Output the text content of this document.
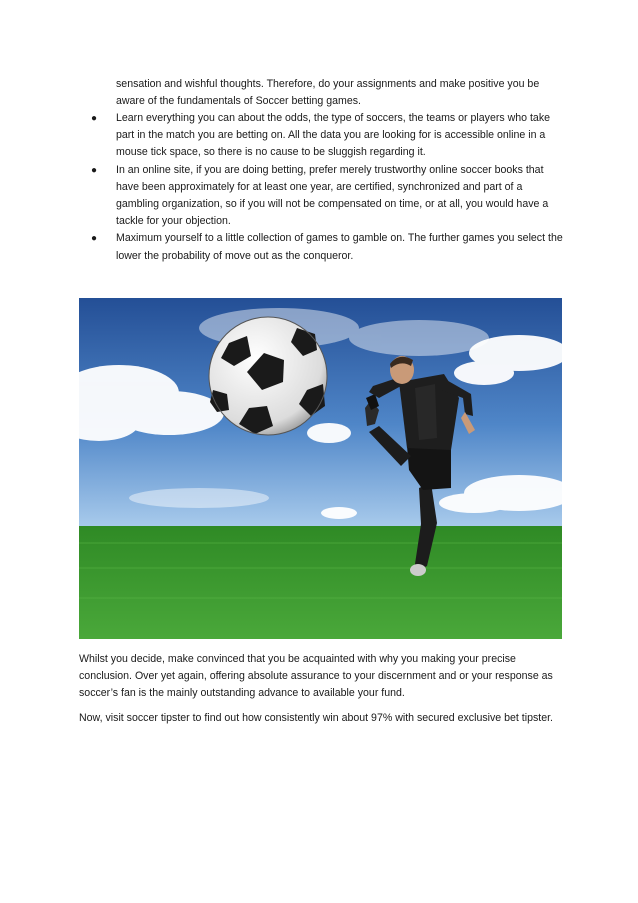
sensation and wishful thoughts. Therefore, do your assignments and make positive you be aware of the fundamentals of Soccer betting games.
● Learn everything you can about the odds, the type of soccers, the teams or players who take part in the match you are betting on. All the data you are looking for is accessible online in a mouse tick space, so there is no cause to be sluggish regarding it.
● In an online site, if you are doing betting, prefer merely trustworthy online soccer books that have been approximately for at least one year, are certified, synchronized and part of a gambling organization, so if you will not be compensated on time, or at all, you would have a tackle for your objection.
● Maximum yourself to a little collection of games to gamble on. The further games you select the lower the probability of move out as the conqueror.

Whilst you decide, make convinced that you be acquainted with why you making your precise conclusion. Over yet again, offering absolute assurance to your discernment and or your response as soccer’s fan is the mainly outstanding advance to available your fund.

Now, visit soccer tipster to find out how consistently win about 97% with secured exclusive bet tipster.
